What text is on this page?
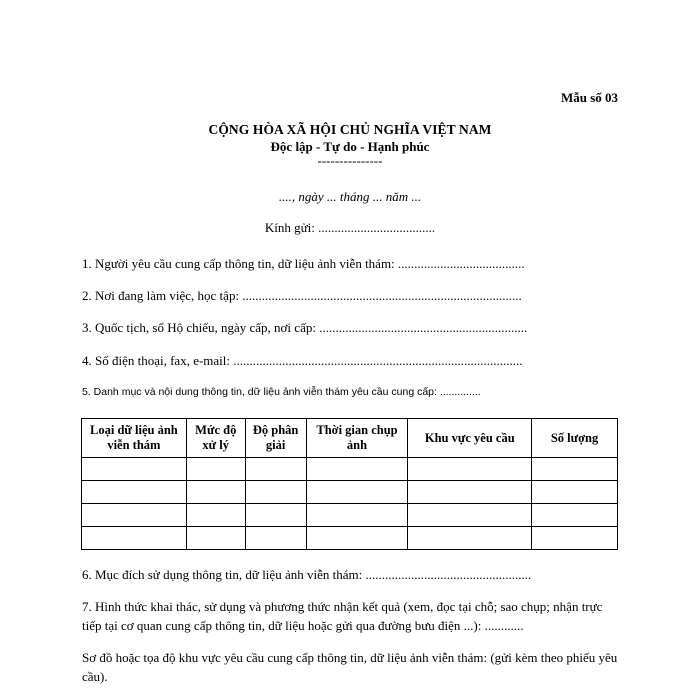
Mẫu số 03
CỘNG HÒA XÃ HỘI CHỦ NGHĨA VIỆT NAM
Độc lập - Tự do - Hạnh phúc
---------------
...., ngày ... tháng ... năm ...
Kính gửi: ....................................
1. Người yêu cầu cung cấp thông tin, dữ liệu ảnh viễn thám: .......................................
2. Nơi đang làm việc, học tập: ......................................................................................
3. Quốc tịch, số Hộ chiếu, ngày cấp, nơi cấp: ................................................................
4. Số điện thoại, fax, e-mail: .........................................................................................
5. Danh mục và nội dung thông tin, dữ liệu ảnh viễn thám yêu cầu cung cấp: ..............
Loại dữ liệu ảnh viễn thám	Mức độ xử lý	Độ phân giải	Thời gian chụp ảnh	Khu vực yêu cầu	Số lượng

6. Mục đích sử dụng thông tin, dữ liệu ảnh viễn thám: ...................................................
7. Hình thức khai thác, sử dụng và phương thức nhận kết quả (xem, đọc tại chỗ; sao chụp; nhận trực tiếp tại cơ quan cung cấp thông tin, dữ liệu hoặc gửi qua đường bưu điện ...): ............
Sơ đồ hoặc tọa độ khu vực yêu cầu cung cấp thông tin, dữ liệu ảnh viễn thám: (gửi kèm theo phiếu yêu cầu).
